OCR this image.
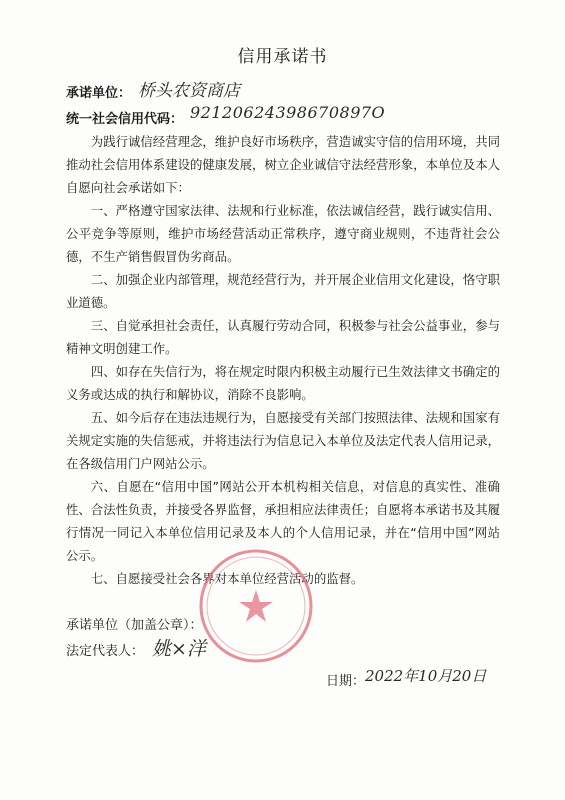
信用承诺书
承诺单位： 桥头农资商店
统一社会信用代码： 92120624398670897O

为践行诚信经营理念，维护良好市场秩序，营造诚实守信的信用环境，共同推动社会信用体系建设的健康发展，树立企业诚信守法经营形象，本单位及本人自愿向社会承诺如下：

一、严格遵守国家法律、法规和行业标准，依法诚信经营，践行诚实信用、公平竞争等原则，维护市场经营活动正常秩序，遵守商业规则，不违背社会公德，不生产销售假冒伪劣商品。

二、加强企业内部管理，规范经营行为，并开展企业信用文化建设，恪守职业道德。

三、自觉承担社会责任，认真履行劳动合同，积极参与社会公益事业，参与精神文明创建工作。

四、如存在失信行为，将在规定时限内积极主动履行已生效法律文书确定的义务或达成的执行和解协议，消除不良影响。

五、如今后存在违法违规行为，自愿接受有关部门按照法律、法规和国家有关规定实施的失信惩戒，并将违法行为信息记入本单位及法定代表人信用记录，在各级信用门户网站公示。

六、自愿在“信用中国”网站公开本机构相关信息，对信息的真实性、准确性、合法性负责，并接受各界监督，承担相应法律责任；自愿将本承诺书及其履行情况一同记入本单位信用记录及本人的个人信用记录，并在“信用中国”网站公示。

七、自愿接受社会各界对本单位经营活动的监督。

承诺单位（加盖公章）：
法定代表人： 姚×洋
日期： 2022年10月20日
